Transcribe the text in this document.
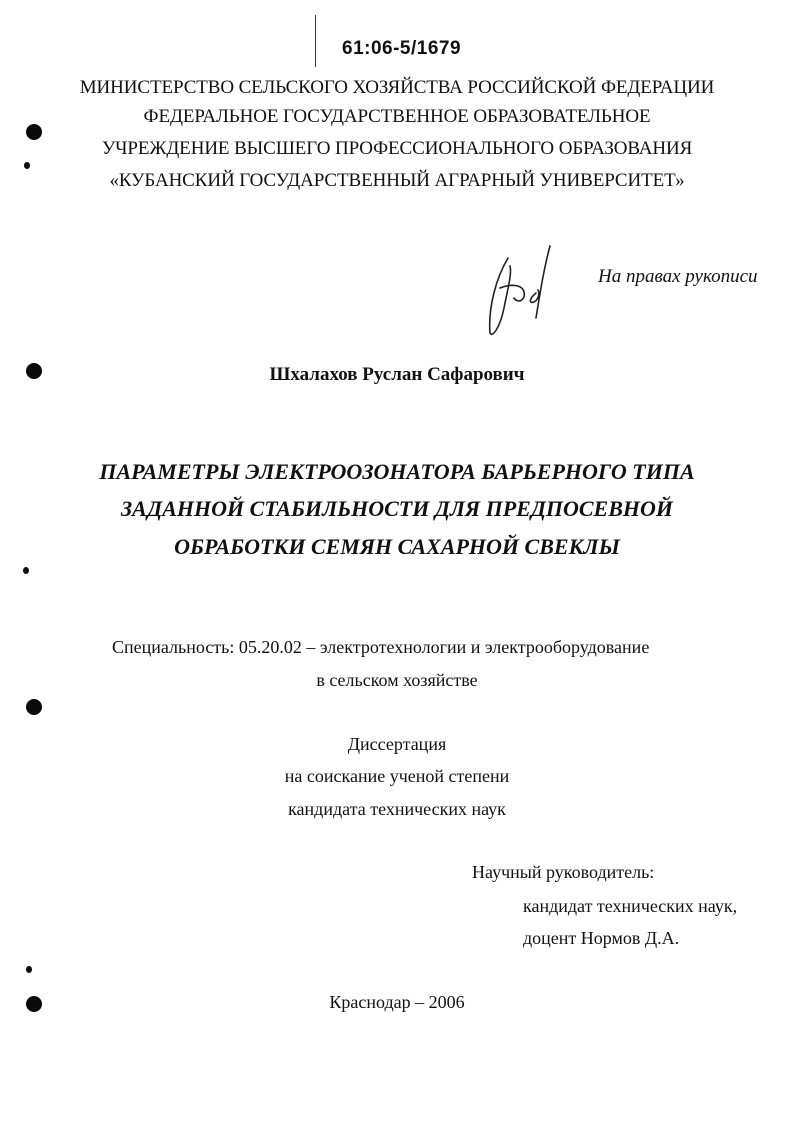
61:06-5/1679
МИНИСТЕРСТВО СЕЛЬСКОГО ХОЗЯЙСТВА РОССИЙСКОЙ ФЕДЕРАЦИИ
ФЕДЕРАЛЬНОЕ ГОСУДАРСТВЕННОЕ ОБРАЗОВАТЕЛЬНОЕ
УЧРЕЖДЕНИЕ ВЫСШЕГО ПРОФЕССИОНАЛЬНОГО ОБРАЗОВАНИЯ
«КУБАНСКИЙ ГОСУДАРСТВЕННЫЙ АГРАРНЫЙ УНИВЕРСИТЕТ»
На правах рукописи
Шхалахов Руслан Сафарович
ПАРАМЕТРЫ ЭЛЕКТРООЗОНАТОРА БАРЬЕРНОГО ТИПА
ЗАДАННОЙ СТАБИЛЬНОСТИ ДЛЯ ПРЕДПОСЕВНОЙ
ОБРАБОТКИ СЕМЯН САХАРНОЙ СВЕКЛЫ
Специальность: 05.20.02 – электротехнологии и электрооборудование
в сельском хозяйстве
Диссертация
на соискание ученой степени
кандидата технических наук
Научный руководитель:
кандидат технических наук,
доцент Нормов Д.А.
Краснодар – 2006
